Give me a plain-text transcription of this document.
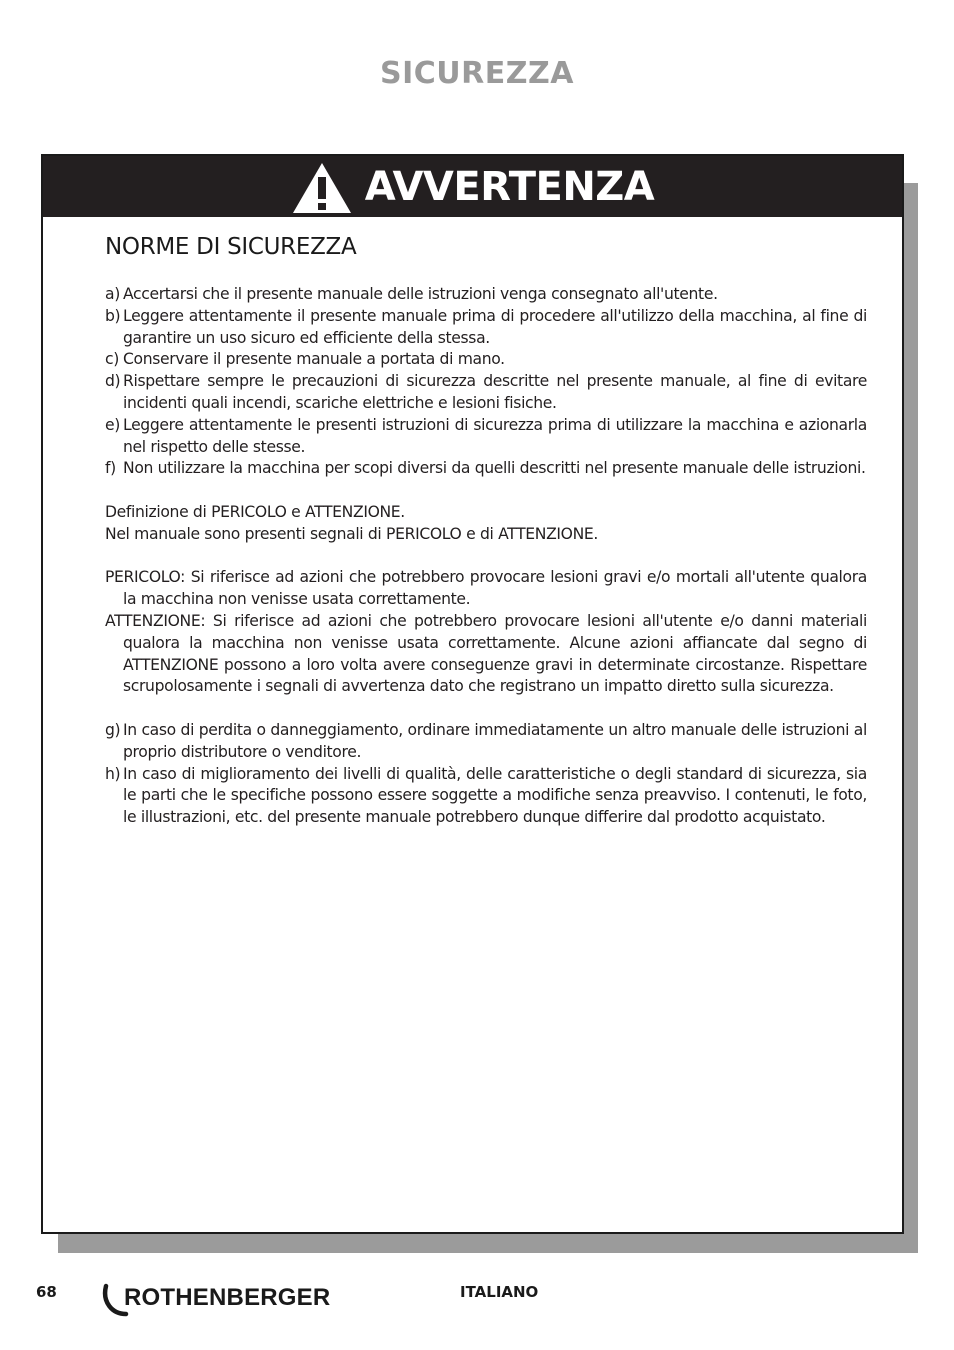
SICUREZZA
AVVERTENZA
NORME DI SICUREZZA
a) Accertarsi che il presente manuale delle istruzioni venga consegnato all'utente.
b) Leggere attentamente il presente manuale prima di procedere all'utilizzo della macchina, al fine di garantire un uso sicuro ed efficiente della stessa.
c) Conservare il presente manuale a portata di mano.
d) Rispettare sempre le precauzioni di sicurezza descritte nel presente manuale, al fine di evitare incidenti quali incendi, scariche elettriche e lesioni fisiche.
e) Leggere attentamente le presenti istruzioni di sicurezza prima di utilizzare la macchina e azionarla nel rispetto delle stesse.
f) Non utilizzare la macchina per scopi diversi da quelli descritti nel presente manuale delle istruzioni.
Definizione di PERICOLO e ATTENZIONE.
Nel manuale sono presenti segnali di PERICOLO e di ATTENZIONE.
PERICOLO: Si riferisce ad azioni che potrebbero provocare lesioni gravi e/o mortali all'utente qualora la macchina non venisse usata correttamente.
ATTENZIONE: Si riferisce ad azioni che potrebbero provocare lesioni all'utente e/o danni materiali qualora la macchina non venisse usata correttamente. Alcune azioni affiancate dal segno di ATTENZIONE possono a loro volta avere conseguenze gravi in determinate circostanze. Rispettare scrupolosamente i segnali di avvertenza dato che registrano un impatto diretto sulla sicurezza.
g) In caso di perdita o danneggiamento, ordinare immediatamente un altro manuale delle istruzioni al proprio distributore o venditore.
h) In caso di miglioramento dei livelli di qualità, delle caratteristiche o degli standard di sicurezza, sia le parti che le specifiche possono essere soggette a modifiche senza preavviso. I contenuti, le foto, le illustrazioni, etc. del presente manuale potrebbero dunque differire dal prodotto acquistato.
68	ROTHENBERGER	ITALIANO
